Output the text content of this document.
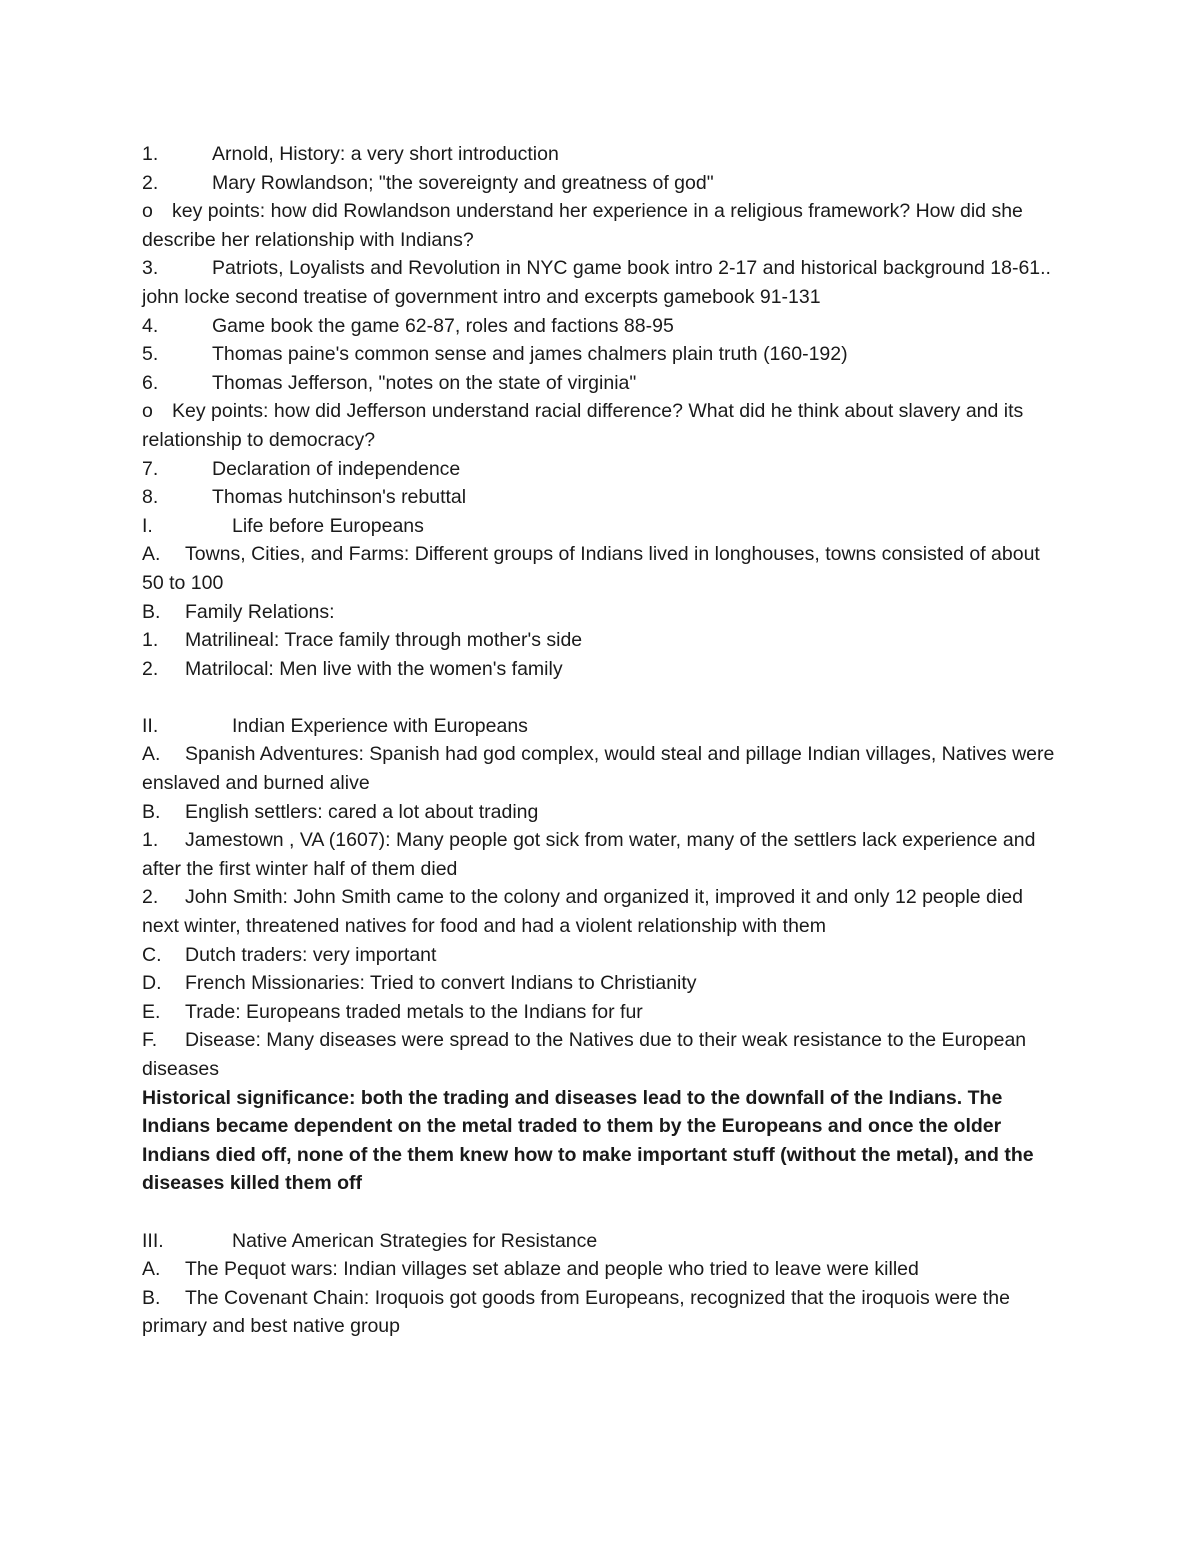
1.	Arnold, History: a very short introduction

2.	Mary Rowlandson; "the sovereignty and greatness of god"

o key points: how did Rowlandson understand her experience in a religious framework? How did she describe her relationship with Indians?

3.	Patriots, Loyalists and Revolution in NYC game book intro 2-17 and historical background 18-61.. john locke second treatise of government intro and excerpts gamebook 91-131

4.	Game book the game 62-87, roles and factions 88-95

5.	Thomas paine's common sense and james chalmers plain truth (160-192)

6.	Thomas Jefferson, "notes on the state of virginia"

o Key points: how did Jefferson understand racial difference? What did he think about slavery and its relationship to democracy?

7.	Declaration of independence

8.	Thomas hutchinson's rebuttal

I.	Life before Europeans

A. Towns, Cities, and Farms: Different groups of Indians lived in longhouses, towns consisted of about 50 to 100

B. Family Relations:

1. Matrilineal: Trace family through mother's side

2. Matrilocal: Men live with the women's family

II.	Indian Experience with Europeans

A. Spanish Adventures: Spanish had god complex, would steal and pillage Indian villages, Natives were enslaved and burned alive

B. English settlers: cared a lot about trading

1. Jamestown , VA (1607): Many people got sick from water, many of the settlers lack experience and after the first winter half of them died

2. John Smith: John Smith came to the colony and organized it, improved it and only 12 people died next winter, threatened natives for food and had a violent relationship with them

C. Dutch traders: very important

D. French Missionaries: Tried to convert Indians to Christianity

E. Trade: Europeans traded metals to the Indians for fur

F. Disease: Many diseases were spread to the Natives due to their weak resistance to the European diseases

Historical significance: both the trading and diseases lead to the downfall of the Indians. The Indians became dependent on the metal traded to them by the Europeans and once the older Indians died off, none of the them knew how to make important stuff (without the metal), and the diseases killed them off

III.	Native American Strategies for Resistance

A. The Pequot wars: Indian villages set ablaze and people who tried to leave were killed

B. The Covenant Chain: Iroquois got goods from Europeans, recognized that the iroquois were the primary and best native group
